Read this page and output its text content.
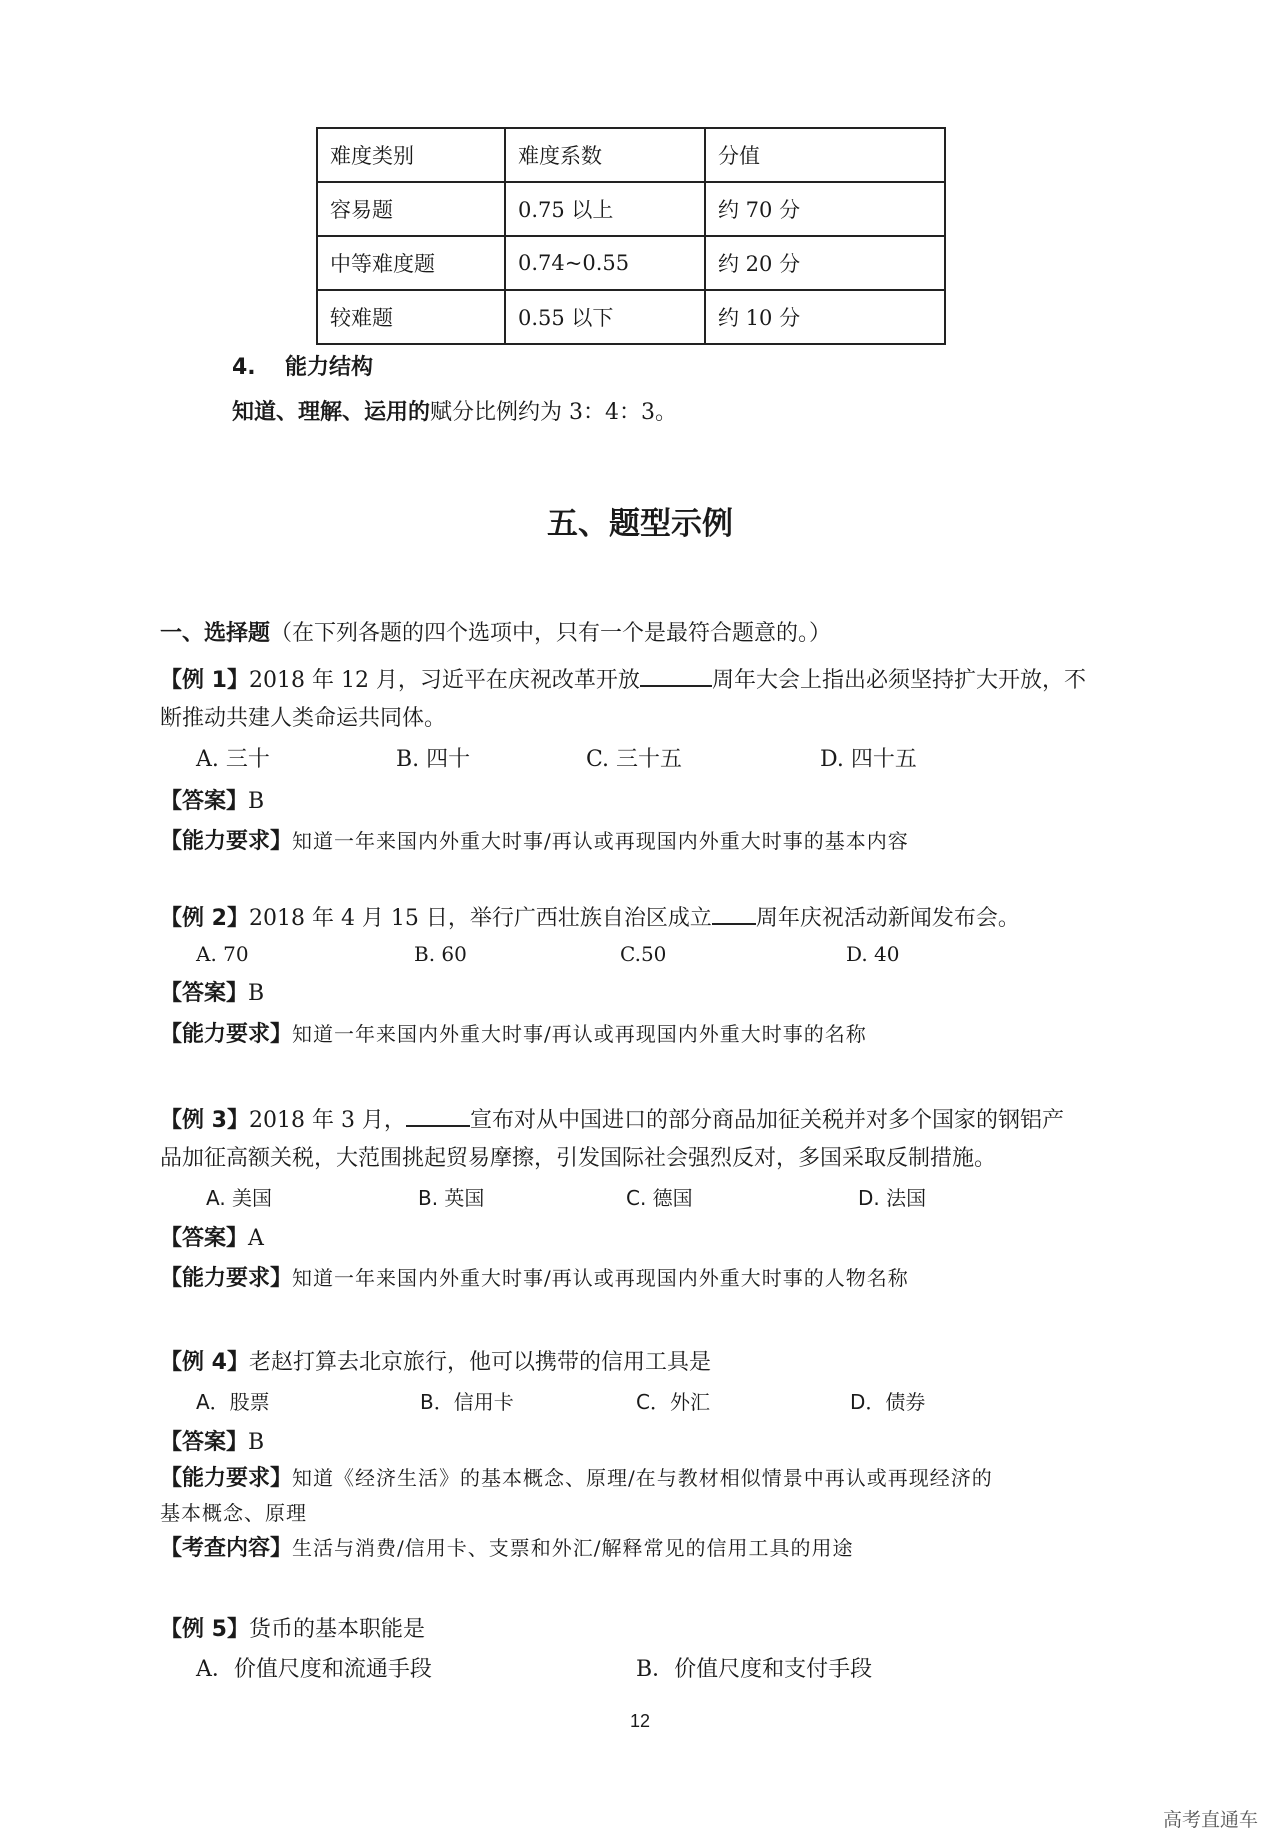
难度类别	难度系数	分值
容易题	0.75 以上	约 70 分
中等难度题	0.74~0.55	约 20 分
较难题	0.55 以下	约 10 分
4. 能力结构
知道、理解、运用的赋分比例约为 3：4：3。
五、题型示例
一、选择题（在下列各题的四个选项中，只有一个是最符合题意的。）
【例 1】2018 年 12 月，习近平在庆祝改革开放	周年大会上指出必须坚持扩大开放，不
断推动共建人类命运共同体。
A. 三十	B. 四十	C. 三十五	D. 四十五
【答案】B
【能力要求】知道一年来国内外重大时事/再认或再现国内外重大时事的基本内容
【例 2】2018 年 4 月 15 日，举行广西壮族自治区成立 周年庆祝活动新闻发布会。
A. 70	B. 60	C.50	D. 40
【答案】B
【能力要求】知道一年来国内外重大时事/再认或再现国内外重大时事的名称
【例 3】2018 年 3 月，	宣布对从中国进口的部分商品加征关税并对多个国家的钢铝产
品加征高额关税，大范围挑起贸易摩擦，引发国际社会强烈反对，多国采取反制措施。
A. 美国	B. 英国	C. 德国	D. 法国
【答案】A
【能力要求】知道一年来国内外重大时事/再认或再现国内外重大时事的人物名称
【例 4】老赵打算去北京旅行，他可以携带的信用工具是
A．股票	B．信用卡	C．外汇	D．债券
【答案】B
【能力要求】知道《经济生活》的基本概念、原理/在与教材相似情景中再认或再现经济的
基本概念、原理
【考查内容】生活与消费/信用卡、支票和外汇/解释常见的信用工具的用途
【例 5】货币的基本职能是
A．价值尺度和流通手段	B．价值尺度和支付手段
12
高考直通车
